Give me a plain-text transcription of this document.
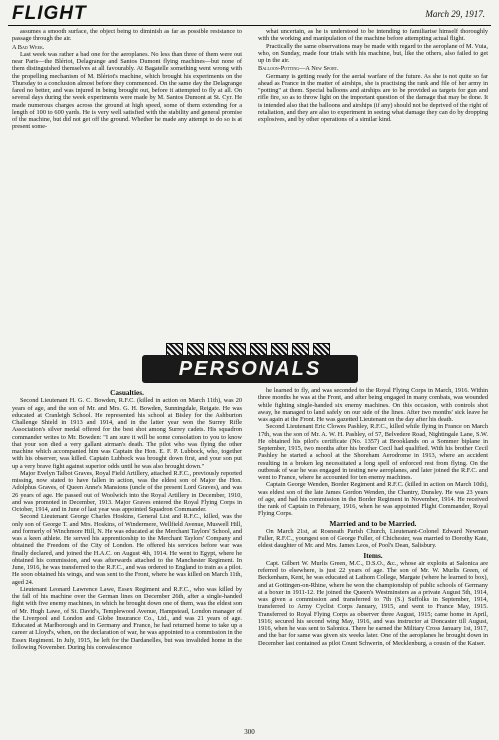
FLIGHT	March 29, 1917.

assumes a smooth surface, the object being to diminish as far as possible resistance to passage through the air.

A Bad Week.

Last week was rather a bad one for the aeroplanes. No less than three of them were out near Paris—the Blériot, Delagrange and Santos Dumont flying machines—but none of them distinguished themselves at all favourably. At Bagatelle something went wrong with the propelling mechanism of M. Blériot's machine, which brought his experiments on the Thursday to a conclusion almost before they commenced. On the same day the Delagrange fared no better, and was injured in being brought out, before it attempted to fly at all. On several days during the week experiments were made by M. Santos Dumont at St. Cyr. He made numerous charges across the ground at high speed, some of them extending for a length of 100 to 600 yards. He is very well satisfied with the stability and general promise of the machine, but did not get off the ground. Whether he made any attempt to do so is at present some-

what uncertain, as he is understood to be intending to familiarise himself thoroughly with the working and manipulation of the machine before attempting actual flight.

Practically the same observations may be made with regard to the aeroplane of M. Vuia, who, on Sunday, made four trials with his machine, but, like the others, also failed to get up in the air.

Balloon-Potting—A New Sport.

Germany is getting ready for the aerial warfare of the future. As she is not quite so far ahead as France in the matter of airships, she is practising the rank and file of her army in "potting" at them. Special balloons and airships are to be provided as targets for gun and rifle fire, so as to throw light on the important question of the damage that may be done. It is intended also that the balloons and airships (if any) should not be deprived of the right of retaliation, and they are also to experiment in seeing what damage they can do by dropping explosives, and by other operations of a similar kind.

PERSONALS
Casualties.

Second Lieutenant H. G. C. Bowden, R.F.C. (killed in action on March 11th), was 20 years of age, and the son of Mr. and Mrs. G. H. Bowden, Sunningdale, Reigate. He was educated at Cranleigh School. He represented his school at Bisley for the Ashburton Challenge Shield in 1913 and 1914, and in the latter year won the Surrey Rifle Association's silver medal offered for the best shot among Surrey cadets. His squadron commander writes to Mr. Bowden: "I am sure it will be some consolation to you to know that your son died a very gallant airman's death. The pilot who was flying the other machine which accompanied him was Captain the Hon. E. F. P. Lubbock, who, together with his observer, was killed. Captain Lubbock was brought down first, and your son put up a very brave fight against superior odds until he was also brought down."

Major Evelyn Talbot Graves, Royal Field Artillery, attached R.F.C., previously reported missing, now stated to have fallen in action, was the eldest son of Major the Hon. Adolphus Graves, of Queen Anne's Mansions (uncle of the present Lord Graves), and was 26 years of age. He passed out of Woolwich into the Royal Artillery in December, 1910, and was promoted in December, 1913. Major Graves entered the Royal Flying Corps in October, 1914, and in June of last year was appointed Squadron Commander.

Second Lieutenant George Charles Hoskins, General List and R.F.C., killed, was the only son of George T. and Mrs. Hoskins, of Windermere, Wellfield Avenue, Muswell Hill, and formerly of Winchmore Hill, N. He was educated at the Merchant Taylors' School, and was a keen athlete. He served his apprenticeship to the Merchant Taylors' Company and obtained the Freedom of the City of London. He offered his services before war was finally declared, and joined the H.A.C. on August 4th, 1914. He went to Egypt, where he obtained his commission, and was afterwards attached to the Manchester Regiment. In June, 1916, he was transferred to the R.F.C., and was ordered to England to train as a pilot. He soon obtained his wings, and was sent to the Front, where he was killed on March 11th, aged 24.

Lieutenant Leonard Lawrence Lawe, Essex Regiment and R.F.C., who was killed by the fall of his machine over the German lines on December 26th, after a single-handed fight with five enemy machines, in which he brought down one of them, was the eldest son of Mr. Hugh Lawe, of St. David's, Templewood Avenue, Hampstead, London manager of the Liverpool and London and Globe Insurance Co., Ltd., and was 21 years of age. Educated at Marlborough and in Germany and France, he had returned home to take up a career at Lloyd's, when, on the declaration of war, he was appointed to a commission in the Essex Regiment. In July, 1915, he left for the Dardanelles, but was invalided home in the following November. During his convalescence

he learned to fly, and was seconded to the Royal Flying Corps in March, 1916. Within three months he was at the Front, and after being engaged in many combats, was wounded while fighting single-handed six enemy machines. On this occasion, with controls shot away, he managed to land safely on our side of the lines. After two months' sick leave he was again at the Front. He was gazetted Lieutenant on the day after his death.

Second Lieutenant Eric Clowes Pashley, R.F.C., killed while flying in France on March 17th, was the son of Mr. A. W. H. Pashley, of 57, Belvedere Road, Nightingale Lane, S.W. He obtained his pilot's certificate (No. 1357) at Brooklands on a Sommer biplane in September, 1915, two months after his brother Cecil had qualified. With his brother Cecil Pashley he started a school at the Shoreham Aerodrome in 1913, where an accident resulting in a broken leg necessitated a long spell of enforced rest from flying. On the outbreak of war he was engaged in testing new aeroplanes, and later joined the R.F.C. and went to France, where he accounted for ten enemy machines.

Captain George Wenden, Border Regiment and R.F.C. (killed in action on March 10th), was eldest son of the late James Gordon Wenden, the Chantry, Dunsley. He was 23 years of age, and had his commission in the Border Regiment in November, 1914. He received the rank of Captain in February, 1916, when he was appointed Flight Commander, Royal Flying Corps.

Married and to be Married.

On March 21st, at Rosneath Parish Church, Lieutenant-Colonel Edward Newman Fuller, R.F.C., youngest son of George Fuller, of Chichester, was married to Dorothy Kate, eldest daughter of Mr. and Mrs. James Leos, of Pool's Dean, Salisbury.

Items.

Capt. Gilbert W. Murlis Green, M.C., D.S.O., &c., whose air exploits at Salonica are referred to elsewhere, is just 22 years of age. The son of Mr. W. Murlis Green, of Beckenham, Kent, he was educated at Lathom College, Margate (where he learned to box), and at Gottingen-on-Rhine, where he won the championship of public schools of Germany at a boxer in 1911-12. He joined the Queen's Westminsters as a private August 5th, 1914, was given a commission and transferred to 7th (S.) Suffolks in September, 1914, transferred to Army Cyclist Corps January, 1915, and went to France May, 1915. Transferred to Royal Flying Corps as observer three August, 1915; came home in April, 1916; secured his second wing May, 1916, and was instructor at Doncaster till August, 1916, when he was sent to Salonica. There he earned the Military Cross January 1st, 1917, and the bar for same was given six weeks later. One of the aeroplanes he brought down in December last contained as pilot Count Schwerin, of Mecklenburg, a cousin of the Kaiser.

300
